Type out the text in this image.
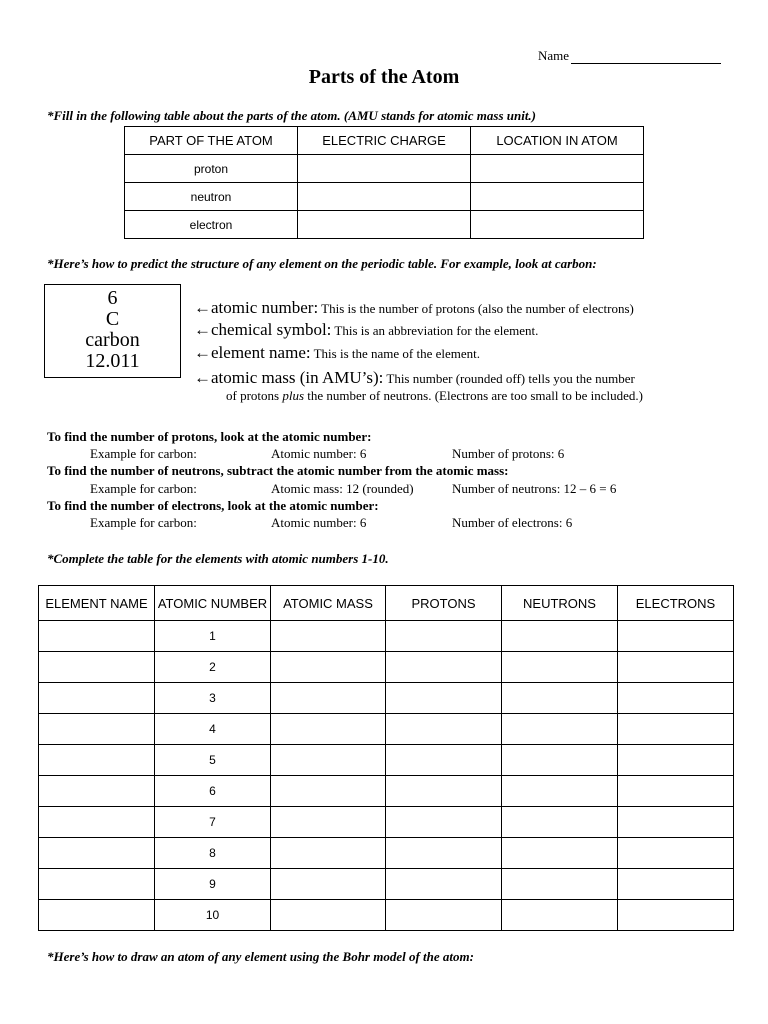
Name
Parts of the Atom
*Fill in the following table about the parts of the atom. (AMU stands for atomic mass unit.)
PART OF THE ATOM	ELECTRIC CHARGE	LOCATION IN ATOM
proton		
neutron		
electron		
*Here’s how to predict the structure of any element on the periodic table. For example, look at carbon:
6
C
carbon
12.011
←atomic number: This is the number of protons (also the number of electrons)
←chemical symbol: This is an abbreviation for the element.
←element name: This is the name of the element.
←atomic mass (in AMU’s): This number (rounded off) tells you the number
of protons plus the number of neutrons. (Electrons are too small to be included.)
To find the number of protons, look at the atomic number:
Example for carbon:	Atomic number: 6	Number of protons: 6
To find the number of neutrons, subtract the atomic number from the atomic mass:
Example for carbon:	Atomic mass: 12 (rounded)	Number of neutrons: 12 – 6 = 6
To find the number of electrons, look at the atomic number:
Example for carbon:	Atomic number: 6	Number of electrons: 6
*Complete the table for the elements with atomic numbers 1-10.
ELEMENT NAME	ATOMIC NUMBER	ATOMIC MASS	PROTONS	NEUTRONS	ELECTRONS
	1				
	2				
	3				
	4				
	5				
	6				
	7				
	8				
	9				
	10				
*Here’s how to draw an atom of any element using the Bohr model of the atom:
